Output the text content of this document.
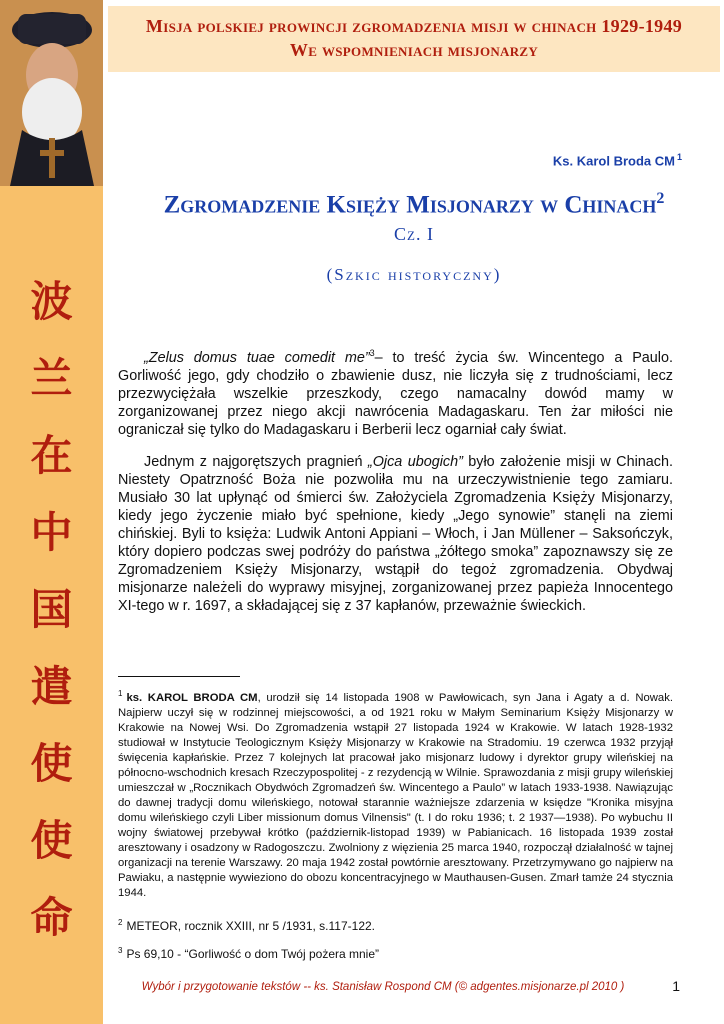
波
兰
在
中
国
遣
使
使
命
Misja polskiej prowincji zgromadzenia misji w chinach 1929-1949
We wspomnieniach misjonarzy
Ks. Karol Broda CM $^1$
Zgromadzenie Księży Misjonarzy w Chinach$^2$
Cz. I
(Szkic historyczny)

„Zelus domus tuae comedit me”$^3$– to treść życia św. Wincentego a Paulo. Gorliwość jego, gdy chodziło o zbawienie dusz, nie liczyła się z trudnościami, lecz przezwyciężała wszelkie przeszkody, czego namacalny dowód mamy w zorganizowanej przez niego akcji nawrócenia Madagaskaru. Ten żar miłości nie ograniczał się tylko do Madagaskaru i Berberii lecz ogarniał cały świat.

Jednym z najgorętszych pragnień „Ojca ubogich” było założenie misji w Chinach. Niestety Opatrzność Boża nie pozwoliła mu na urzeczywistnienie tego zamiaru. Musiało 30 lat upłynąć od śmierci św. Założyciela Zgromadzenia Księży Misjonarzy, kiedy jego życzenie miało być spełnione, kiedy „Jego synowie” stanęli na ziemi chińskiej. Byli to księża: Ludwik Antoni Appiani – Włoch, i Jan Müllener – Saksończyk, który dopiero podczas swej podróży do państwa „żółtego smoka” zapoznawszy się ze Zgromadzeniem Księży Misjonarzy, wstąpił do tegoż zgromadzenia. Obydwaj misjonarze należeli do wyprawy misyjnej, zorganizowanej przez papieża Innocentego XI-tego w r. 1697, a składającej się z 37 kapłanów, przeważnie świeckich.

$^1$ ks. KAROL BRODA CM, urodził się 14 listopada 1908 w Pawłowicach, syn Jana i Agaty a d. Nowak. Najpierw uczył się w rodzinnej miejscowości, a od 1921 roku w Małym Seminarium Księży Misjonarzy w Krakowie na Nowej Wsi. Do Zgromadzenia wstąpił 27 listopada 1924 w Krakowie. W latach 1928-1932 studiował w Instytucie Teologicznym Księży Misjonarzy w Krakowie na Stradomiu. 19 czerwca 1932 przyjął święcenia kapłańskie. Przez 7 kolejnych lat pracował jako misjonarz ludowy i dyrektor grupy wileńskiej na północno-wschodnich kresach Rzeczypospolitej - z rezydencją w Wilnie. Sprawozdania z misji grupy wileńskiej umieszczał w „Rocznikach Obydwóch Zgromadzeń św. Wincentego a Paulo” w latach 1933-1938. Nawiązując do dawnej tradycji domu wileńskiego, notował starannie ważniejsze zdarzenia w księdze "Kronika misyjna domu wileńskiego czyli Liber missionum domus Vilnensis" (t. I do roku 1936; t. 2 1937—1938). Po wybuchu II wojny światowej przebywał krótko (październik-listopad 1939) w Pabianicach. 16 listopada 1939 został aresztowany i osadzony w Radogoszczu. Zwolniony z więzienia 25 marca 1940, rozpoczął działalność w tajnej organizacji na terenie Warszawy. 20 maja 1942 został powtórnie aresztowany. Przetrzymywano go najpierw na Pawiaku, a następnie wywieziono do obozu koncentracyjnego w Mauthausen-Gusen. Zmarł tamże 24 stycznia 1944.
$^2$ METEOR, rocznik XXIII, nr 5 /1931, s.117-122.
$^3$ Ps 69,10 - “Gorliwość o dom Twój pożera mnie”
Wybór i przygotowanie tekstów -- ks. Stanisław Rospond CM (© adgentes.misjonarze.pl 2010 )	1
